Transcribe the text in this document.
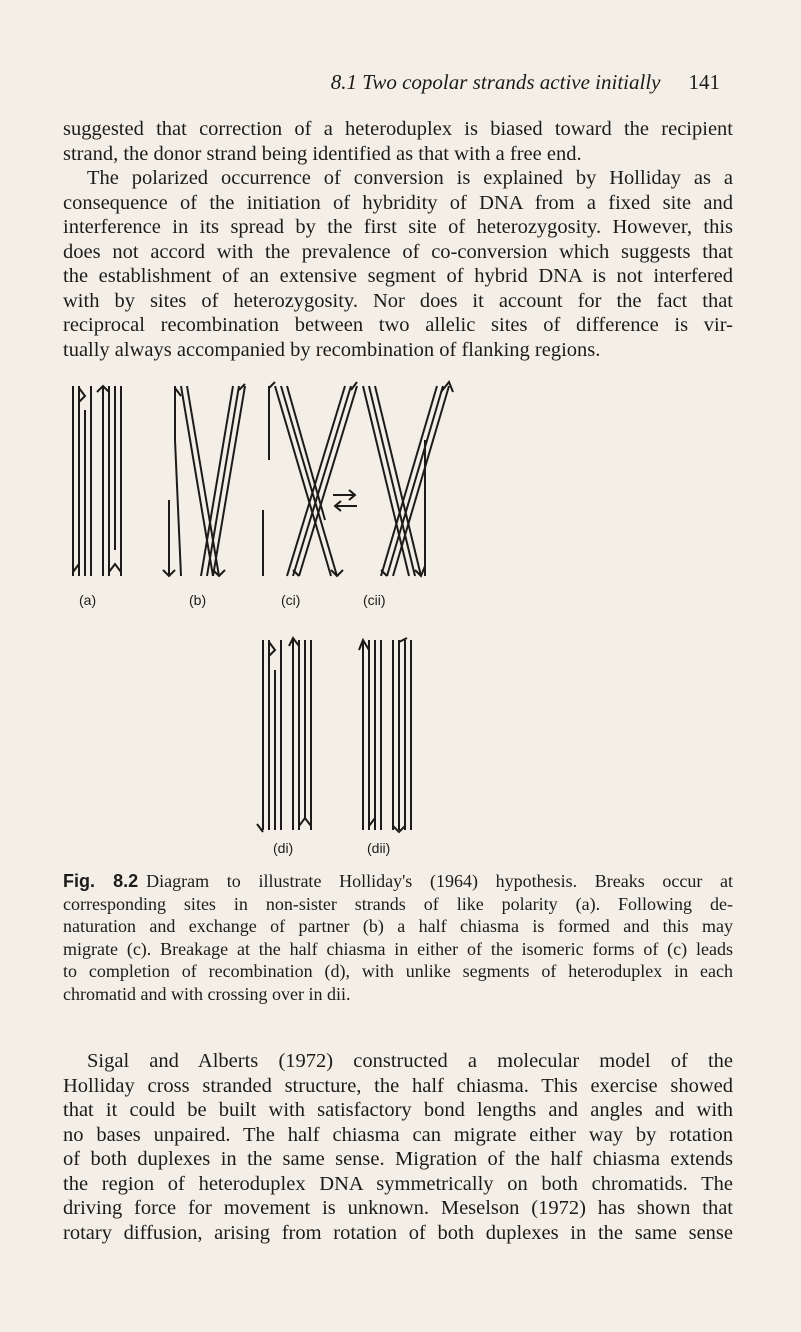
8.1 Two copolar strands active initially 141

suggested that correction of a heteroduplex is biased toward the recipient
strand, the donor strand being identified as that with a free end.
The polarized occurrence of conversion is explained by Holliday as a
consequence of the initiation of hybridity of DNA from a fixed site and
interference in its spread by the first site of heterozygosity. However, this
does not accord with the prevalence of co-conversion which suggests that
the establishment of an extensive segment of hybrid DNA is not interfered
with by sites of heterozygosity. Nor does it account for the fact that
reciprocal recombination between two allelic sites of difference is vir-
tually always accompanied by recombination of flanking regions.

(a)	(b)	(ci)	(cii)
(di)	(dii)

Fig. 8.2 Diagram to illustrate Holliday's (1964) hypothesis. Breaks occur at
corresponding sites in non-sister strands of like polarity (a). Following de-
naturation and exchange of partner (b) a half chiasma is formed and this may
migrate (c). Breakage at the half chiasma in either of the isomeric forms of (c) leads
to completion of recombination (d), with unlike segments of heteroduplex in each
chromatid and with crossing over in dii.

Sigal and Alberts (1972) constructed a molecular model of the
Holliday cross stranded structure, the half chiasma. This exercise showed
that it could be built with satisfactory bond lengths and angles and with
no bases unpaired. The half chiasma can migrate either way by rotation
of both duplexes in the same sense. Migration of the half chiasma extends
the region of heteroduplex DNA symmetrically on both chromatids. The
driving force for movement is unknown. Meselson (1972) has shown that
rotary diffusion, arising from rotation of both duplexes in the same sense
